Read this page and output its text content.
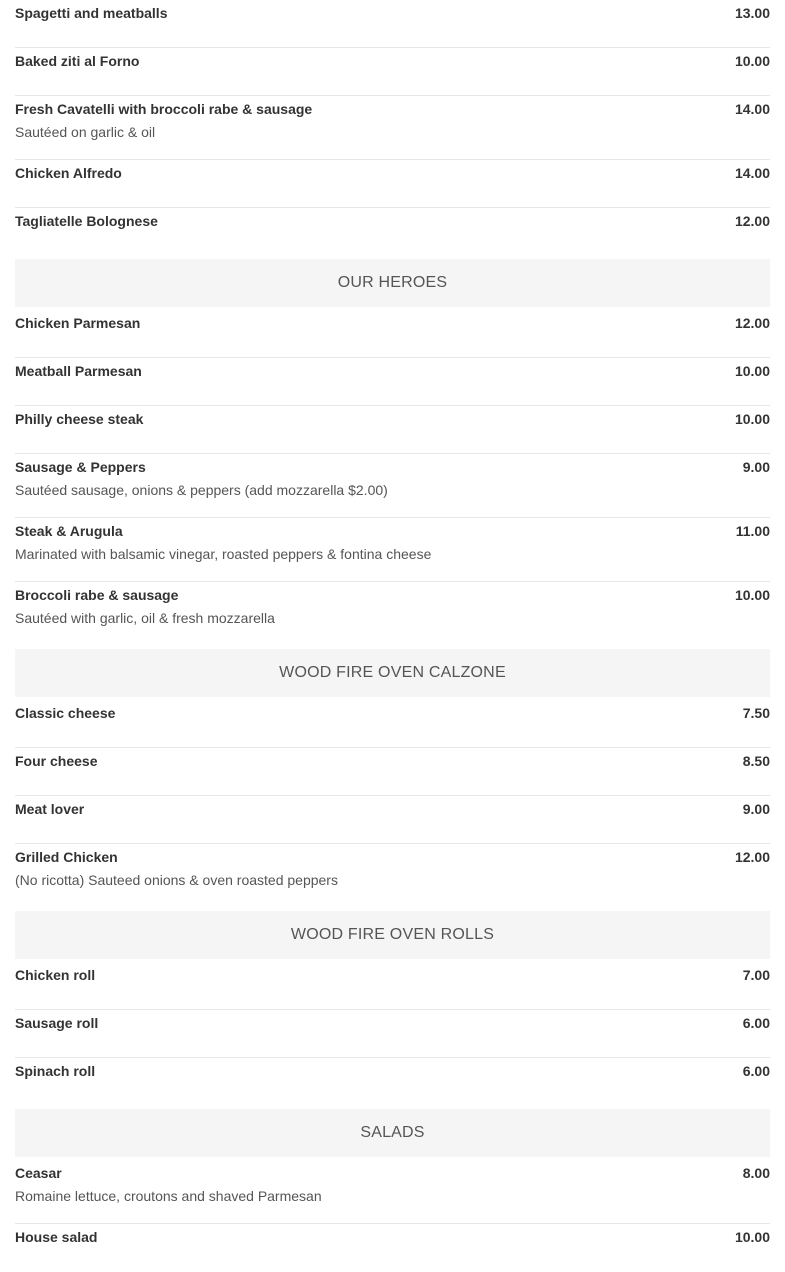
Spagetti and meatballs	13.00
Baked ziti al Forno	10.00
Fresh Cavatelli with broccoli rabe & sausage	14.00
Sautéed on garlic & oil
Chicken Alfredo	14.00
Tagliatelle Bolognese	12.00
OUR HEROES
Chicken Parmesan	12.00
Meatball Parmesan	10.00
Philly cheese steak	10.00
Sausage & Peppers	9.00
Sautéed sausage, onions & peppers (add mozzarella $2.00)
Steak & Arugula	11.00
Marinated with balsamic vinegar, roasted peppers & fontina cheese
Broccoli rabe & sausage	10.00
Sautéed with garlic, oil & fresh mozzarella
WOOD FIRE OVEN CALZONE
Classic cheese	7.50
Four cheese	8.50
Meat lover	9.00
Grilled Chicken	12.00
(No ricotta) Sauteed onions & oven roasted peppers
WOOD FIRE OVEN ROLLS
Chicken roll	7.00
Sausage roll	6.00
Spinach roll	6.00
SALADS
Ceasar	8.00
Romaine lettuce, croutons and shaved Parmesan
House salad	10.00
